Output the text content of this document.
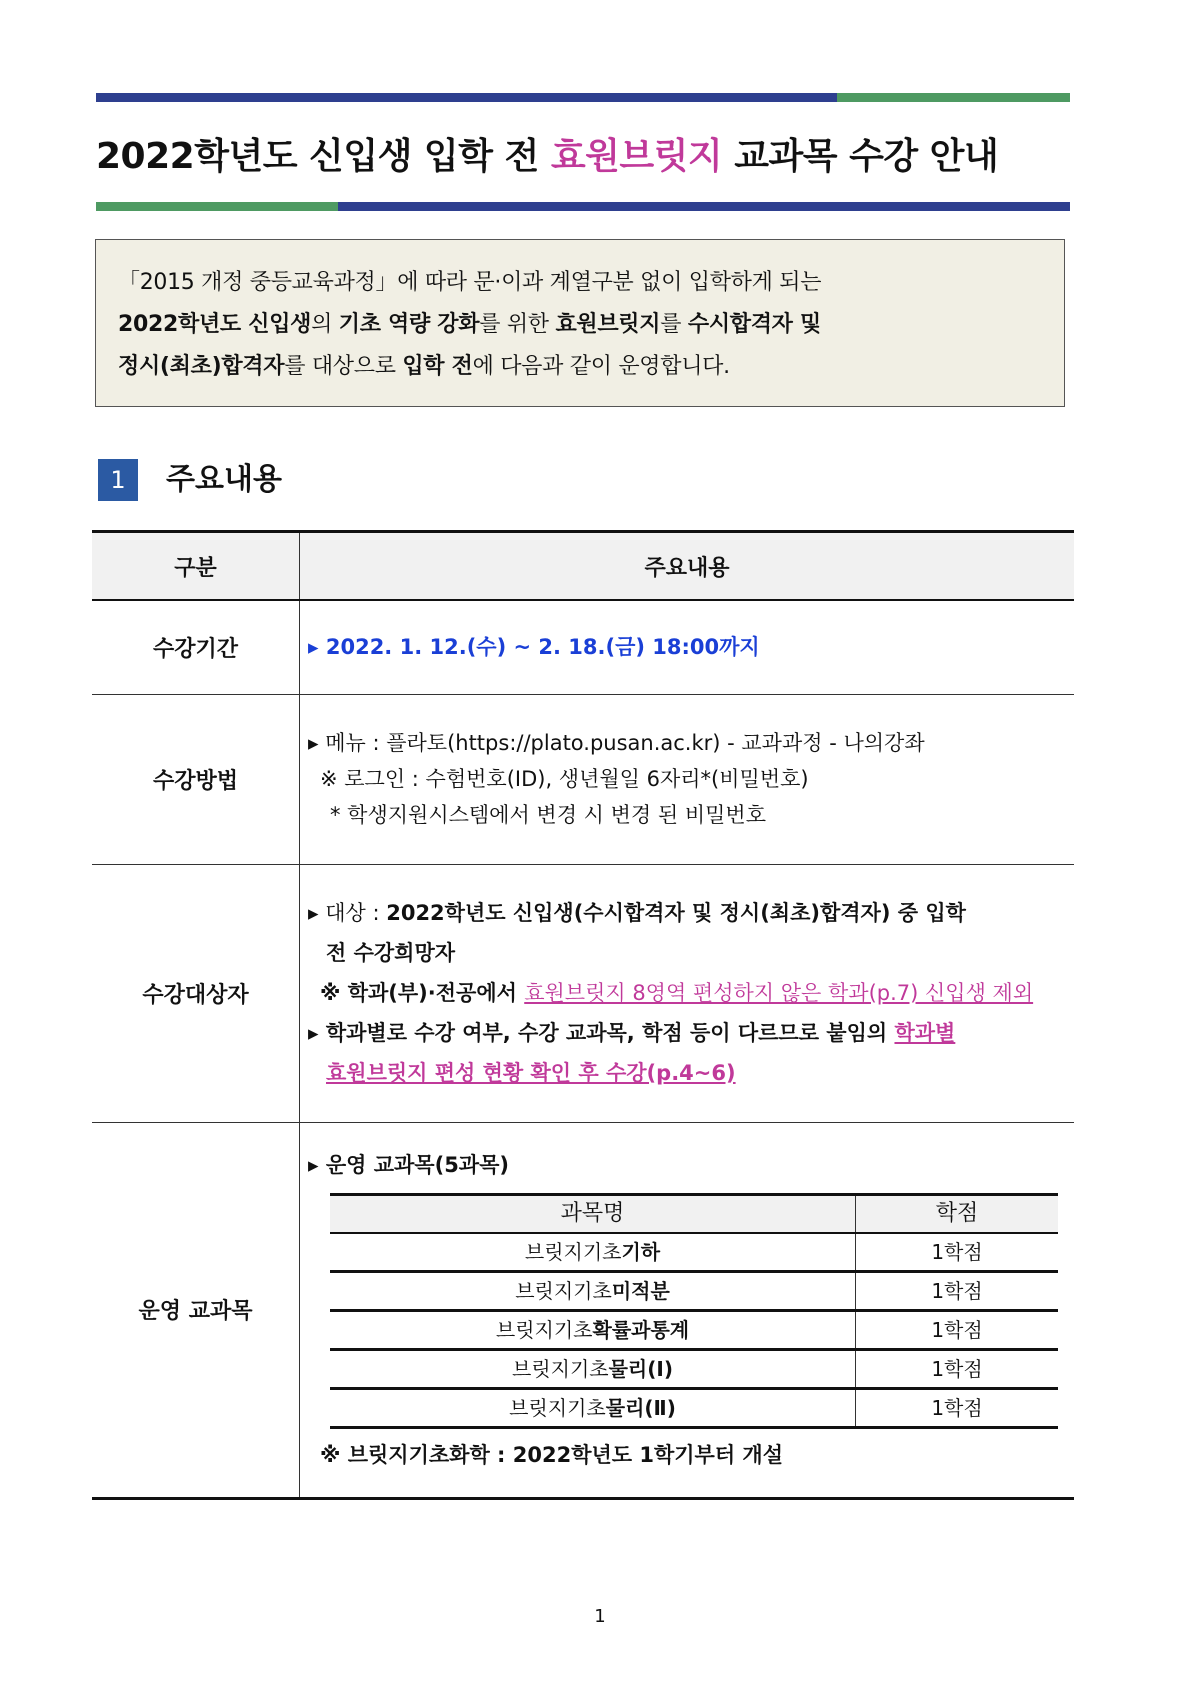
2022학년도 신입생 입학 전 효원브릿지 교과목 수강 안내

「2015 개정 중등교육과정」에 따라 문·이과 계열구분 없이 입학하게 되는

2022학년도 신입생의 기초 역량 강화를 위한 효원브릿지를 수시합격자 및

정시(최초)합격자를 대상으로 입학 전에 다음과 같이 운영합니다.

1	주요내용
구분	주요내용
수강기간	▸ 2022. 1. 12.(수) ~ 2. 18.(금) 18:00까지

수강방법	
▸ 메뉴 : 플라토(https://plato.pusan.ac.kr) - 교과과정 - 나의강좌
※ 로그인 : 수험번호(ID), 생년월일 6자리*(비밀번호)
* 학생지원시스템에서 변경 시 변경 된 비밀번호

수강대상자	
▸ 대상 : 2022학년도 신입생(수시합격자 및 정시(최초)합격자) 중 입학
전 수강희망자
※ 학과(부)·전공에서 효원브릿지 8영역 편성하지 않은 학과(p.7) 신입생 제외
▸ 학과별로 수강 여부, 수강 교과목, 학점 등이 다르므로 붙임의 학과별
효원브릿지 편성 현황 확인 후 수강(p.4~6)

운영 교과목	
▸ 운영 교과목(5과목)
과목명	학점
브릿지기초기하	1학점
브릿지기초미적분	1학점
브릿지기초확률과통계	1학점
브릿지기초물리(Ⅰ)	1학점
브릿지기초물리(Ⅱ)	1학점
※ 브릿지기초화학 : 2022학년도 1학기부터 개설
1
